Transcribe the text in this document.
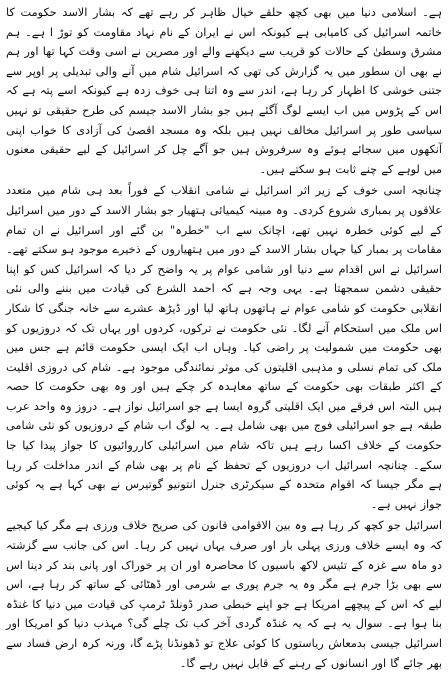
ہے۔ اسلامی دنیا میں بھی کچھ حلقے خیال ظاہر کر رہے تھے کہ بشار الاسد حکومت کا خاتمہ اسرائیل کی کامیابی ہے کیونکہ اس نے ایران کے نام نہاد مقاومت کو توڑ ا ہے۔ ہم مشرق وسطیٰ کے حالات کو قریب سے دیکھنے والے اور مصرین نے اسی وقت کہا تھا اور ہم نے بھی ان سطور میں یہ گزارش کی تھی کہ اسرائیل شام میں آنے والی تبدیلی پر اوپر سے جتنی خوشی کا اظہار کر رہا ہے، اندر سے وہ اتنا ہی خوف زدہ ہے کیونکہ اسے پتہ ہے کہ اس کے پڑوس میں اب ایسے لوگ آگئے ہیں جو بشار الاسد جیسم کی طرح حقیقی تو نہیں سیاسی طور پر اسرائیل مخالف نہیں ہیں بلکہ وہ مسجد اقصیٰ کی آزادی کا خواب اپنی آنکھوں میں سجائے ہوئے وہ سرفروش ہیں جو آگے چل کر اسرائیل کے لیے حقیقی معنوں میں لوہے کے چنے ثابت ہو سکتے ہیں۔

چنانچہ اسی خوف کے زیر اثر اسرائیل نے شامی انقلاب کے فوراً بعد ہی شام میں متعدد علاقوں پر بمباری شروع کردی۔ وہ مبینہ کیمیائی ہتھیار جو بشار الاسد کے دور میں اسرائیل کے لیے کوئی خطرہ نہیں تھے، اچانک سے اب "خطرہ" بن گئے اور اسرائیل نے ان تمام مقامات پر بمبار کیا جہاں بشار الاسد کے دور میں ہتھیاروں کے ذخیرے موجود ہو سکتے تھے۔ اسرائیل نے اس اقدام سے دنیا اور شامی عوام پر یہ واضح کر دیا کہ اسرائیل کس کو اپنا حقیقی دشمن سمجھتا ہے۔ یہی وجہ ہے کہ احمد الشرع کی قیادت میں بننے والی نئی انقلابی حکومت کو شامی عوام نے ہاتھوں ہاتھ لیا اور ڈیڑھ عشرے سے خانہ جنگی کا شکار اس ملک میں استحکام آنے لگا۔ نئی حکومت نے ترکوں، کردوں اور یہاں تک کہ دروزیوں کو بھی حکومت میں شمولیت پر راضی کیا۔ وہاں اب ایک ایسی حکومت قائم ہے جس میں ملک کی تمام نسلی و مذہبی اقلیتوں کی موثر نمائندگی موجود ہے۔ شام کی دروزی اقلیت کے اکثر طبقات بھی حکومت کے ساتھ معاہدہ کر چکے ہیں اور وہ بھی حکومت کا حصہ ہیں البتہ اس فرقے میں ایک اقلیتی گروہ ایسا ہے جو اسرائیل نواز ہے۔ دروز وہ واحد عرب طبقہ ہے جو اسرائیلی فوج میں بھی شامل ہے۔ یہ لوگ اب شام کے دروزیوں کو نئی شامی حکومت کے خلاف اکسا رہے ہیں تاکہ شام میں اسرائیلی کارروائیوں کا جواز پیدا کیا جا سکے۔ چنانچہ اسرائیل اب دروزیوں کے تحفظ کے نام پر بھی شام کے اندر مداخلت کر رہا ہے مگر جیسا کہ اقوام متحدہ کے سیکرٹری جنرل انتونیو گوتیرس نے بھی کہا ہے یہ کوئی جواز نہیں ہے۔

اسرائیل جو کچھ کر رہا ہے وہ بین الاقوامی قانون کی صریح خلاف ورزی ہے مگر کیا کیجیے کہ وہ ایسے خلاف ورزی پہلی بار اور صرف یہاں نہیں کر رہا۔ اس کی جانب سے گزشتہ دو ماہ سے غزہ کے تئیس لاکھ باسیوں کا محاصرہ اور ان پر خوراک اور پانی بند کر دینا اس سے بھی بڑا جرم ہے مگر وہ یہ جرم پوری بے شرمی اور ڈھٹائی کے ساتھ کر رہا ہے، اس لیے کہ اس کے پیچھے امریکا ہے جو اپنے خبطی صدر ڈونلڈ ٹرمپ کی قیادت میں دنیا کا غنڈہ بنا ہوا ہے۔ سوال یہ ہے کہ یہ غنڈہ گردی آخر کب تک چلے گی؟ مہذب دنیا کو امریکا اور اسرائیل جیسی بدمعاش ریاستوں کا کوئی علاج تو ڈھونڈنا پڑے گا، ورنہ کرہ ارض فساد سے بھر جائے گا اور انسانوں کے رہنے کے قابل نہیں رہے گا۔
